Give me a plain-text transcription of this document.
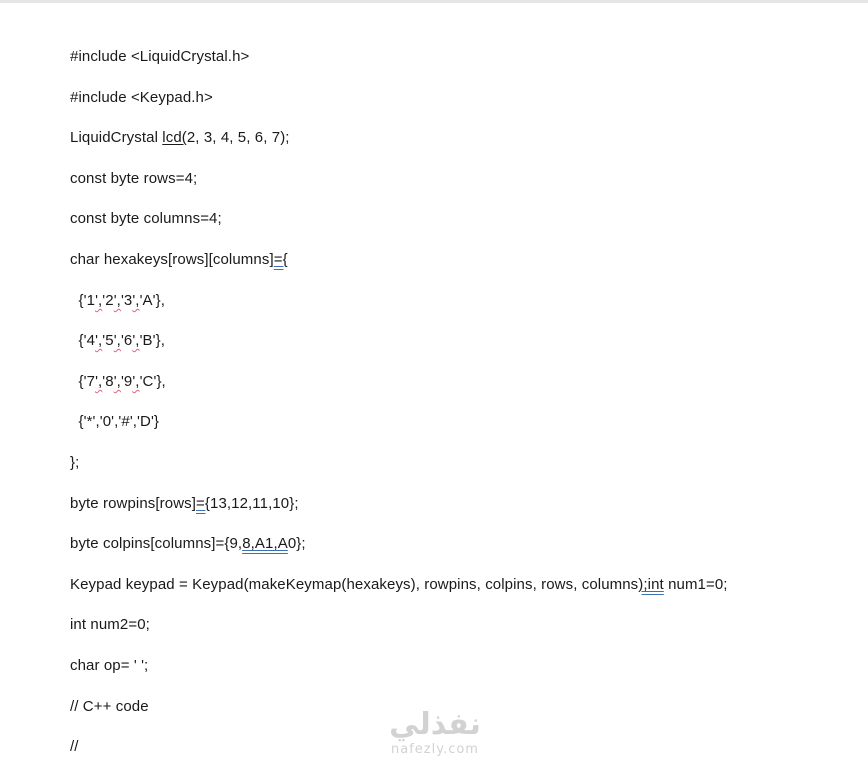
#include <LiquidCrystal.h>
#include <Keypad.h>
LiquidCrystal lcd(2, 3, 4, 5, 6, 7);
const byte rows=4;
const byte columns=4;
char hexakeys[rows][columns]={
{'1','2','3','A'},
{'4','5','6','B'},
{'7','8','9','C'},
{'*','0','#','D'}
};
byte rowpins[rows]={13,12,11,10};
byte colpins[columns]={9,8,A1,A0};
Keypad keypad = Keypad(makeKeymap(hexakeys), rowpins, colpins, rows, columns);int num1=0;
int num2=0;
char op= ' ';
// C++ code
//
نفذلي
nafezly.com
